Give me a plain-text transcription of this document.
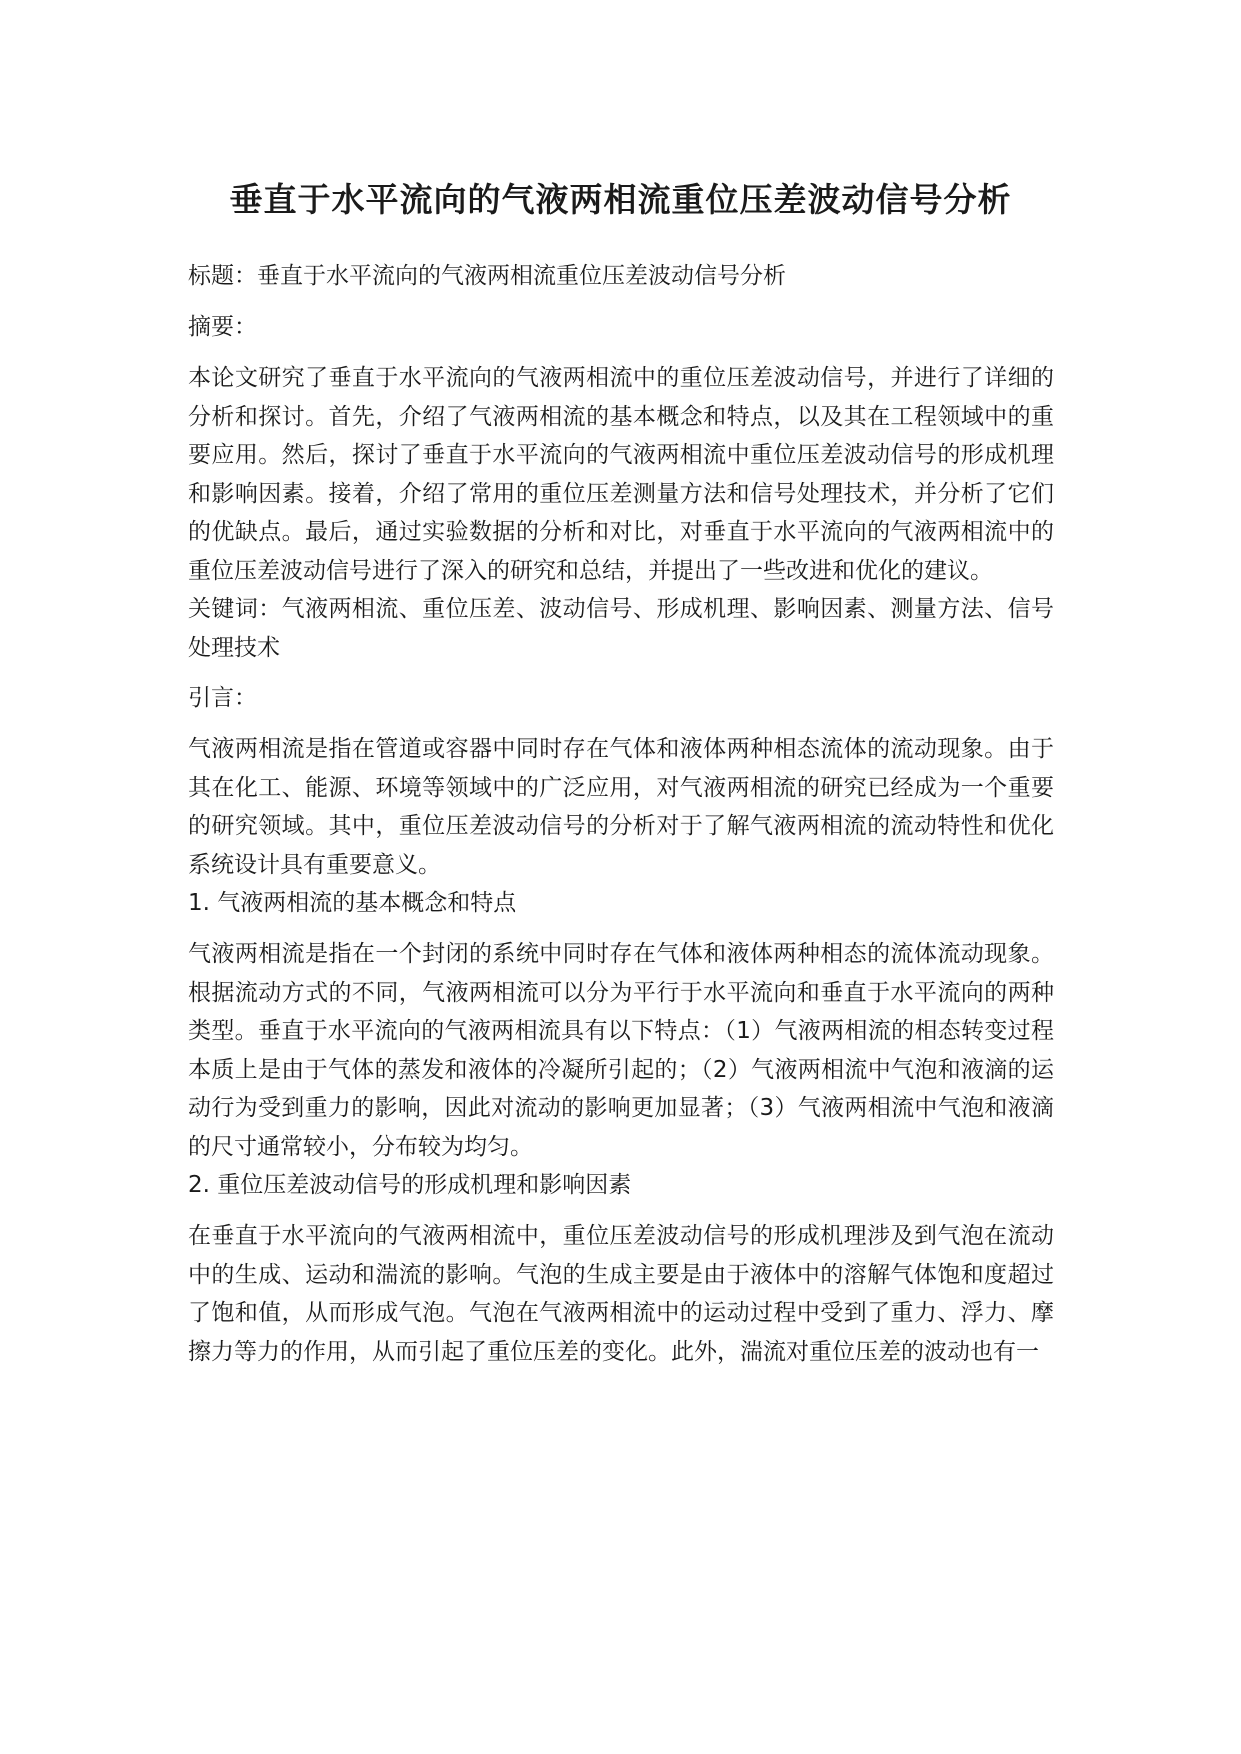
垂直于水平流向的气液两相流重位压差波动信号分析

标题：垂直于水平流向的气液两相流重位压差波动信号分析

摘要：

本论文研究了垂直于水平流向的气液两相流中的重位压差波动信号，并进行了详细的分析和探讨。首先，介绍了气液两相流的基本概念和特点，以及其在工程领域中的重要应用。然后，探讨了垂直于水平流向的气液两相流中重位压差波动信号的形成机理和影响因素。接着，介绍了常用的重位压差测量方法和信号处理技术，并分析了它们的优缺点。最后，通过实验数据的分析和对比，对垂直于水平流向的气液两相流中的重位压差波动信号进行了深入的研究和总结，并提出了一些改进和优化的建议。

关键词：气液两相流、重位压差、波动信号、形成机理、影响因素、测量方法、信号处理技术

引言：

气液两相流是指在管道或容器中同时存在气体和液体两种相态流体的流动现象。由于其在化工、能源、环境等领域中的广泛应用，对气液两相流的研究已经成为一个重要的研究领域。其中，重位压差波动信号的分析对于了解气液两相流的流动特性和优化系统设计具有重要意义。

1. 气液两相流的基本概念和特点

气液两相流是指在一个封闭的系统中同时存在气体和液体两种相态的流体流动现象。根据流动方式的不同，气液两相流可以分为平行于水平流向和垂直于水平流向的两种类型。垂直于水平流向的气液两相流具有以下特点：（1）气液两相流的相态转变过程本质上是由于气体的蒸发和液体的冷凝所引起的；（2）气液两相流中气泡和液滴的运动行为受到重力的影响，因此对流动的影响更加显著；（3）气液两相流中气泡和液滴的尺寸通常较小，分布较为均匀。

2. 重位压差波动信号的形成机理和影响因素

在垂直于水平流向的气液两相流中，重位压差波动信号的形成机理涉及到气泡在流动中的生成、运动和湍流的影响。气泡的生成主要是由于液体中的溶解气体饱和度超过了饱和值，从而形成气泡。气泡在气液两相流中的运动过程中受到了重力、浮力、摩擦力等力的作用，从而引起了重位压差的变化。此外，湍流对重位压差的波动也有一
